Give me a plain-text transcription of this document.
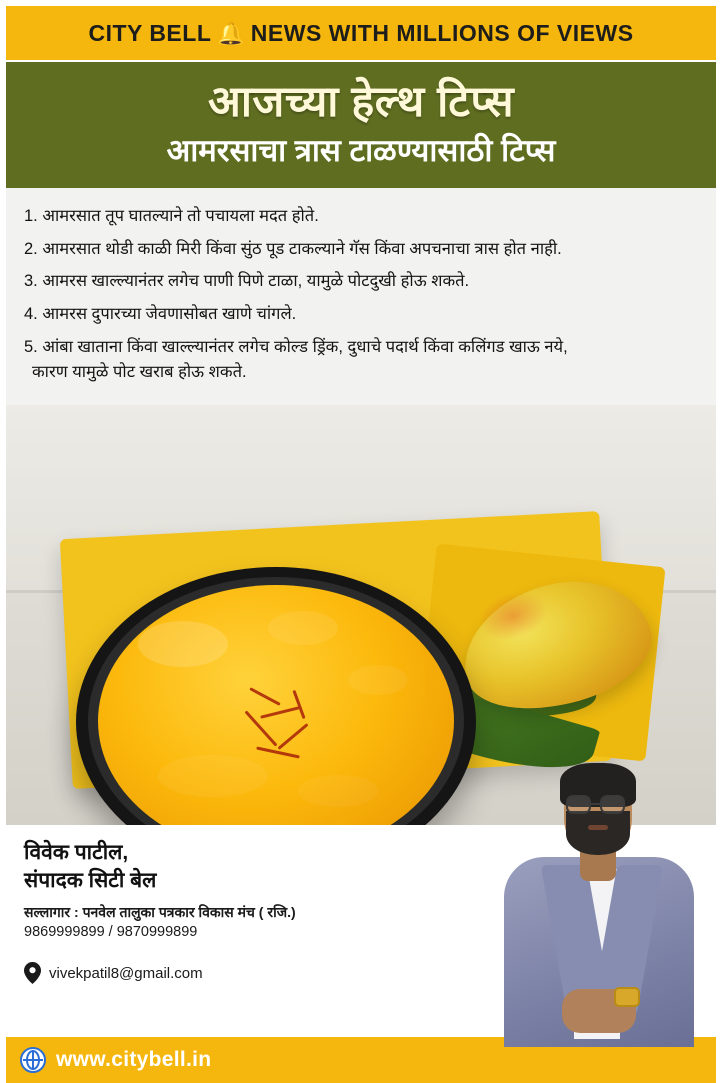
CITY BELL 🔔 NEWS WITH MILLIONS OF VIEWS
आजच्या हेल्थ टिप्स
आमरसाचा त्रास टाळण्यासाठी टिप्स
1. आमरसात तूप घातल्याने तो पचायला मदत होते.
2. आमरसात थोडी काळी मिरी किंवा सुंठ पूड टाकल्याने गॅस किंवा अपचनाचा त्रास होत नाही.
3. आमरस खाल्ल्यानंतर लगेच पाणी पिणे टाळा, यामुळे पोटदुखी होऊ शकते.
4. आमरस दुपारच्या जेवणासोबत खाणे चांगले.
5. आंबा खाताना किंवा खाल्ल्यानंतर लगेच कोल्ड ड्रिंक, दुधाचे पदार्थ किंवा कलिंगड खाऊ नये,
कारण यामुळे पोट खराब होऊ शकते.
विवेक पाटील,
संपादक सिटी बेल
सल्लागार : पनवेल तालुका पत्रकार विकास मंच ( रजि.)
9869999899 / 9870999899
vivekpatil8@gmail.com
www.citybell.in
